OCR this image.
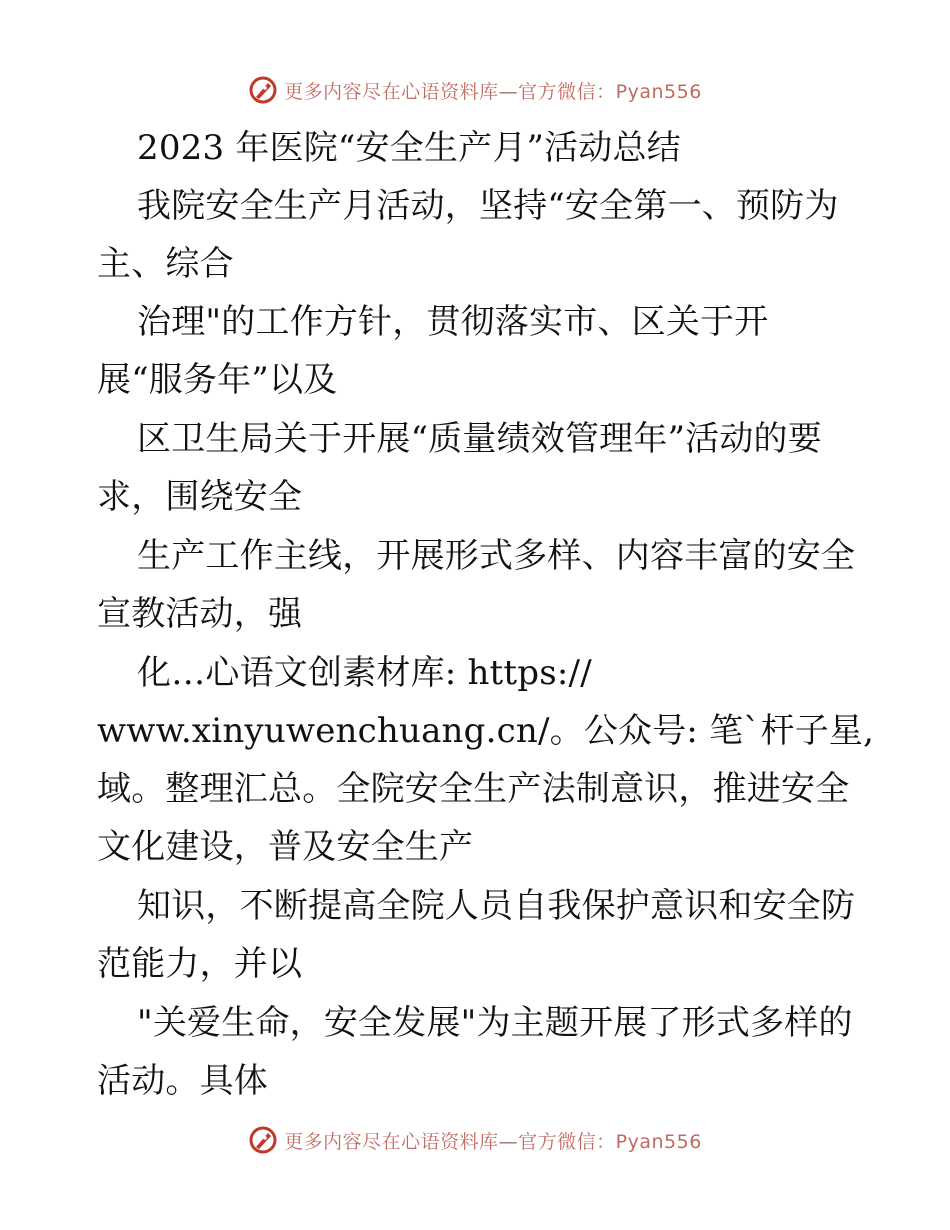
更多内容尽在心语资料库—官方微信：Pyan556
2023 年医院“安全生产月”活动总结
我院安全生产月活动，坚持“安全第一、预防为
主、综合
治理"的工作方针，贯彻落实市、区关于开
展“服务年”以及
区卫生局关于开展“质量绩效管理年”活动的要
求，围绕安全
生产工作主线，开展形式多样、内容丰富的安全
宣教活动，强
化…心语文创素材库: https://
www.xinyuwenchuang.cn/。公众号: 笔`杆子星,
域。整理汇总。全院安全生产法制意识，推进安全
文化建设，普及安全生产
知识，不断提高全院人员自我保护意识和安全防
范能力，并以
"关爱生命，安全发展"为主题开展了形式多样的
活动。具体
更多内容尽在心语资料库—官方微信：Pyan556
